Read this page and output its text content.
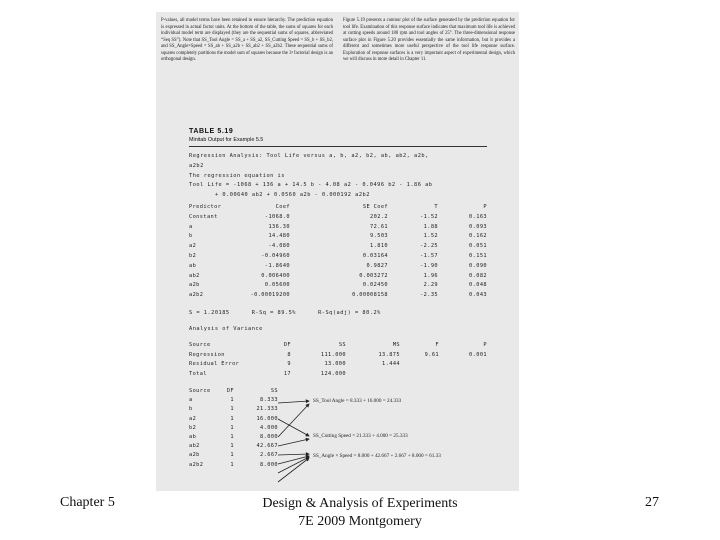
P-values, all model terms have been retained to ensure hierarchy. The prediction equation is expressed in actual factor units. At the bottom of the table, the sums of squares for each individual model term are displayed (they are the sequential sums of squares, abbreviated “Seq SS”). Note that SS_Tool Angle = SS_a + SS_a2, SS_Cutting Speed = SS_b + SS_b2, and SS_Angle×Speed = SS_ab + SS_a2b + SS_ab2 + SS_a2b2. These sequential sums of squares completely partitions the model sum of squares because the 3² factorial design is an orthogonal design.
Figure 5.19 presents a contour plot of the surface generated by the prediction equation for tool life. Examination of this response surface indicates that maximum tool life is achieved at cutting speeds around 180 rpm and tool angles of 25°. The three-dimensional response surface plot in Figure 5.20 provides essentially the same information, but it provides a different and sometimes more useful perspective of the tool life response surface. Exploration of response surfaces is a very important aspect of experimental design, which we will discuss in more detail in Chapter 11.
TABLE 5.19
Minitab Output for Example 5.5
Regression Analysis: Tool Life versus a, b, a2, b2, ab, ab2, a2b,
a2b2
The regression equation is
Tool Life = -1068 + 136 a + 14.5 b - 4.08 a2 - 0.0496 b2 - 1.86 ab
+ 0.00640 ab2 + 0.0560 a2b - 0.000192 a2b2
Predictor	Coef	SE Coef	T	P
Constant	-1068.0	202.2	-1.52	0.163
a	136.30	72.61	1.88	0.093
b	14.480	9.503	1.52	0.162
a2	-4.080	1.810	-2.25	0.051
b2	-0.04960	0.03164	-1.57	0.151
ab	-1.8640	0.9827	-1.90	0.090
ab2	0.006400	0.003272	1.96	0.082
a2b	0.05600	0.02450	2.29	0.048
a2b2	-0.00019200	0.00008158	-2.35	0.043
S = 1.20185      R-Sq = 89.5%      R-Sq(adj) = 80.2%
Analysis of Variance
Source	DF	SS	MS	F	P
Regression	8	111.000	13.875	9.61	0.001
Residual Error	9	13.000	1.444
Total	17	124.000
Source	DF	SS
a	1	8.333
b	1	21.333
a2	1	16.000
b2	1	4.000
ab	1	8.000
ab2	1	42.667
a2b	1	2.667
a2b2	1	8.000
SS_Tool Angle = 8.333 + 16.000 = 24.333
SS_Cutting Speed = 21.333 + 4.000 = 25.333
SS_Angle × Speed = 8.000 + 42.667 + 2.667 + 8.000 = 61.33
Chapter 5	Design & Analysis of Experiments
7E 2009 Montgomery
27
